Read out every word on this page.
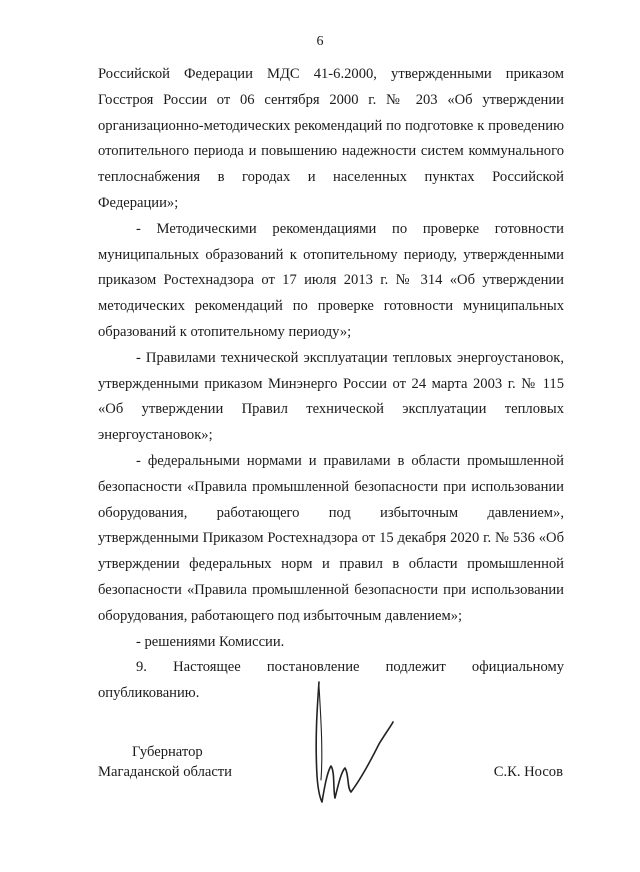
6

Российской Федерации МДС 41-6.2000, утвержденными приказом Госстроя России от 06 сентября 2000 г. № 203 «Об утверждении организационно-методических рекомендаций по подготовке к проведению отопительного периода и повышению надежности систем коммунального теплоснабжения в городах и населенных пунктах Российской Федерации»;

- Методическими рекомендациями по проверке готовности муниципальных образований к отопительному периоду, утвержденными приказом Ростехнадзора от 17 июля 2013 г. № 314 «Об утверждении методических рекомендаций по проверке готовности муниципальных образований к отопительному периоду»;

- Правилами технической эксплуатации тепловых энергоустановок, утвержденными приказом Минэнерго России от 24 марта 2003 г. № 115 «Об утверждении Правил технической эксплуатации тепловых энергоустановок»;

- федеральными нормами и правилами в области промышленной безопасности «Правила промышленной безопасности при использовании оборудования, работающего под избыточным давлением», утвержденными Приказом Ростехнадзора от 15 декабря 2020 г. № 536 «Об утверждении федеральных норм и правил в области промышленной безопасности «Правила промышленной безопасности при использовании оборудования, работающего под избыточным давлением»;

- решениями Комиссии.

9. Настоящее постановление подлежит официальному опубликованию.

Губернатор
Магаданской области	С.К. Носов
